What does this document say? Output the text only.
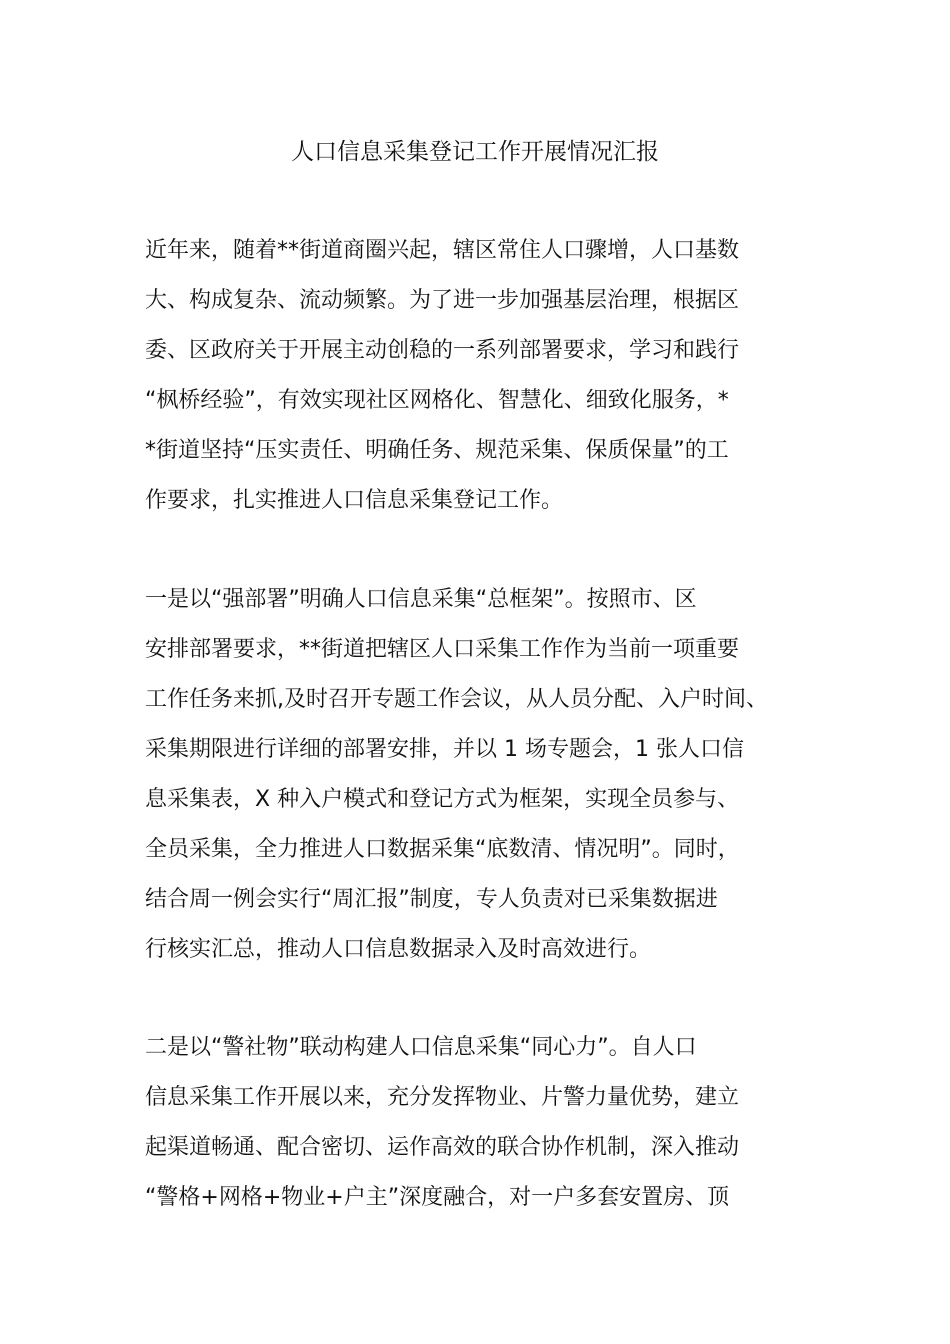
人口信息采集登记工作开展情况汇报

近年来，随着**街道商圈兴起，辖区常住人口骤增，人口基数
大、构成复杂、流动频繁。为了进一步加强基层治理，根据区
委、区政府关于开展主动创稳的一系列部署要求，学习和践行
“枫桥经验”，有效实现社区网格化、智慧化、细致化服务，*
*街道坚持“压实责任、明确任务、规范采集、保质保量”的工
作要求，扎实推进人口信息采集登记工作。

一是以“强部署”明确人口信息采集“总框架”。按照市、区
安排部署要求，**街道把辖区人口采集工作作为当前一项重要
工作任务来抓,及时召开专题工作会议，从人员分配、入户时间、
采集期限进行详细的部署安排，并以 1 场专题会，1 张人口信
息采集表，X 种入户模式和登记方式为框架，实现全员参与、
全员采集，全力推进人口数据采集“底数清、情况明”。同时，
结合周一例会实行“周汇报”制度，专人负责对已采集数据进
行核实汇总，推动人口信息数据录入及时高效进行。

二是以“警社物”联动构建人口信息采集“同心力”。自人口
信息采集工作开展以来，充分发挥物业、片警力量优势，建立
起渠道畅通、配合密切、运作高效的联合协作机制，深入推动
“警格+网格+物业+户主”深度融合，对一户多套安置房、顶
